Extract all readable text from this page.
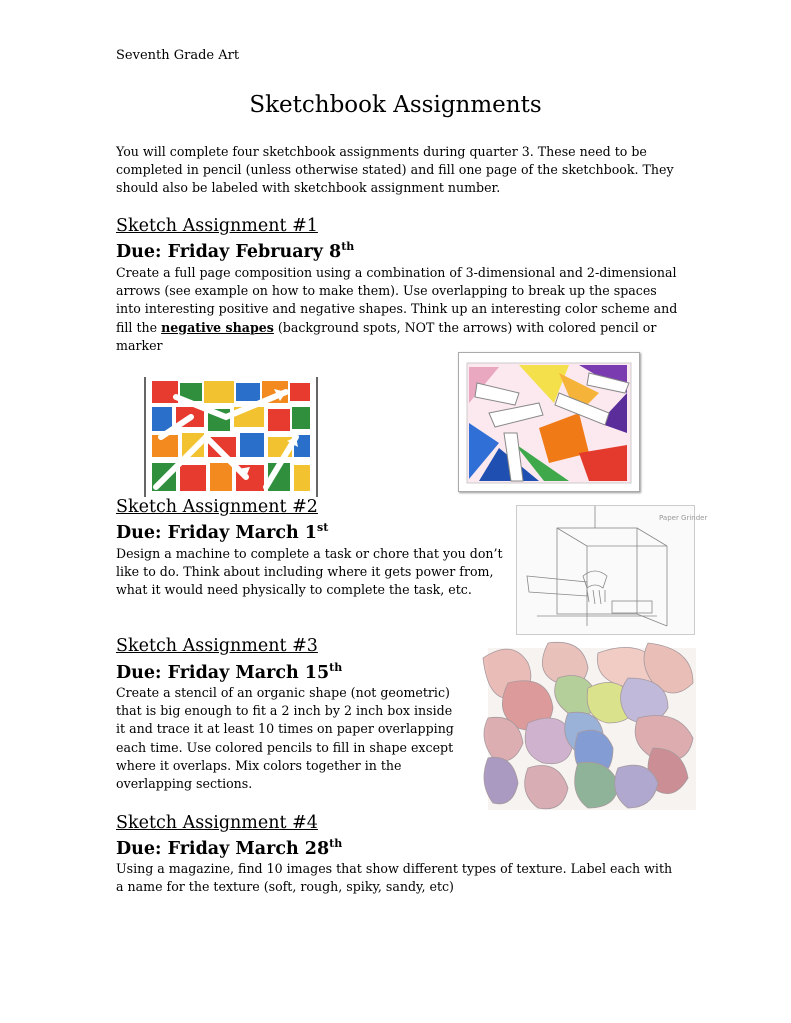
Seventh Grade Art
Sketchbook Assignments
You will complete four sketchbook assignments during quarter 3. These need to be completed in pencil (unless otherwise stated) and fill one page of the sketchbook. They should also be labeled with sketchbook assignment number.
Sketch Assignment #1
Due: Friday February 8th
Create a full page composition using a combination of 3-dimensional and 2-dimensional arrows (see example on how to make them). Use overlapping to break up the spaces into interesting positive and negative shapes. Think up an interesting color scheme and fill the negative shapes (background spots, NOT the arrows) with colored pencil or marker
Sketch Assignment #2
Due: Friday March 1st
Design a machine to complete a task or chore that you don’t like to do. Think about including where it gets power from, what it would need physically to complete the task, etc.
Paper Grinder
Sketch Assignment #3
Due: Friday March 15th
Create a stencil of an organic shape (not geometric) that is big enough to fit a 2 inch by 2 inch box inside it and trace it at least 10 times on paper overlapping each time. Use colored pencils to fill in shape except where it overlaps. Mix colors together in the overlapping sections.
Sketch Assignment #4
Due: Friday March 28th
Using a magazine, find 10 images that show different types of texture. Label each with a name for the texture (soft, rough, spiky, sandy, etc)
